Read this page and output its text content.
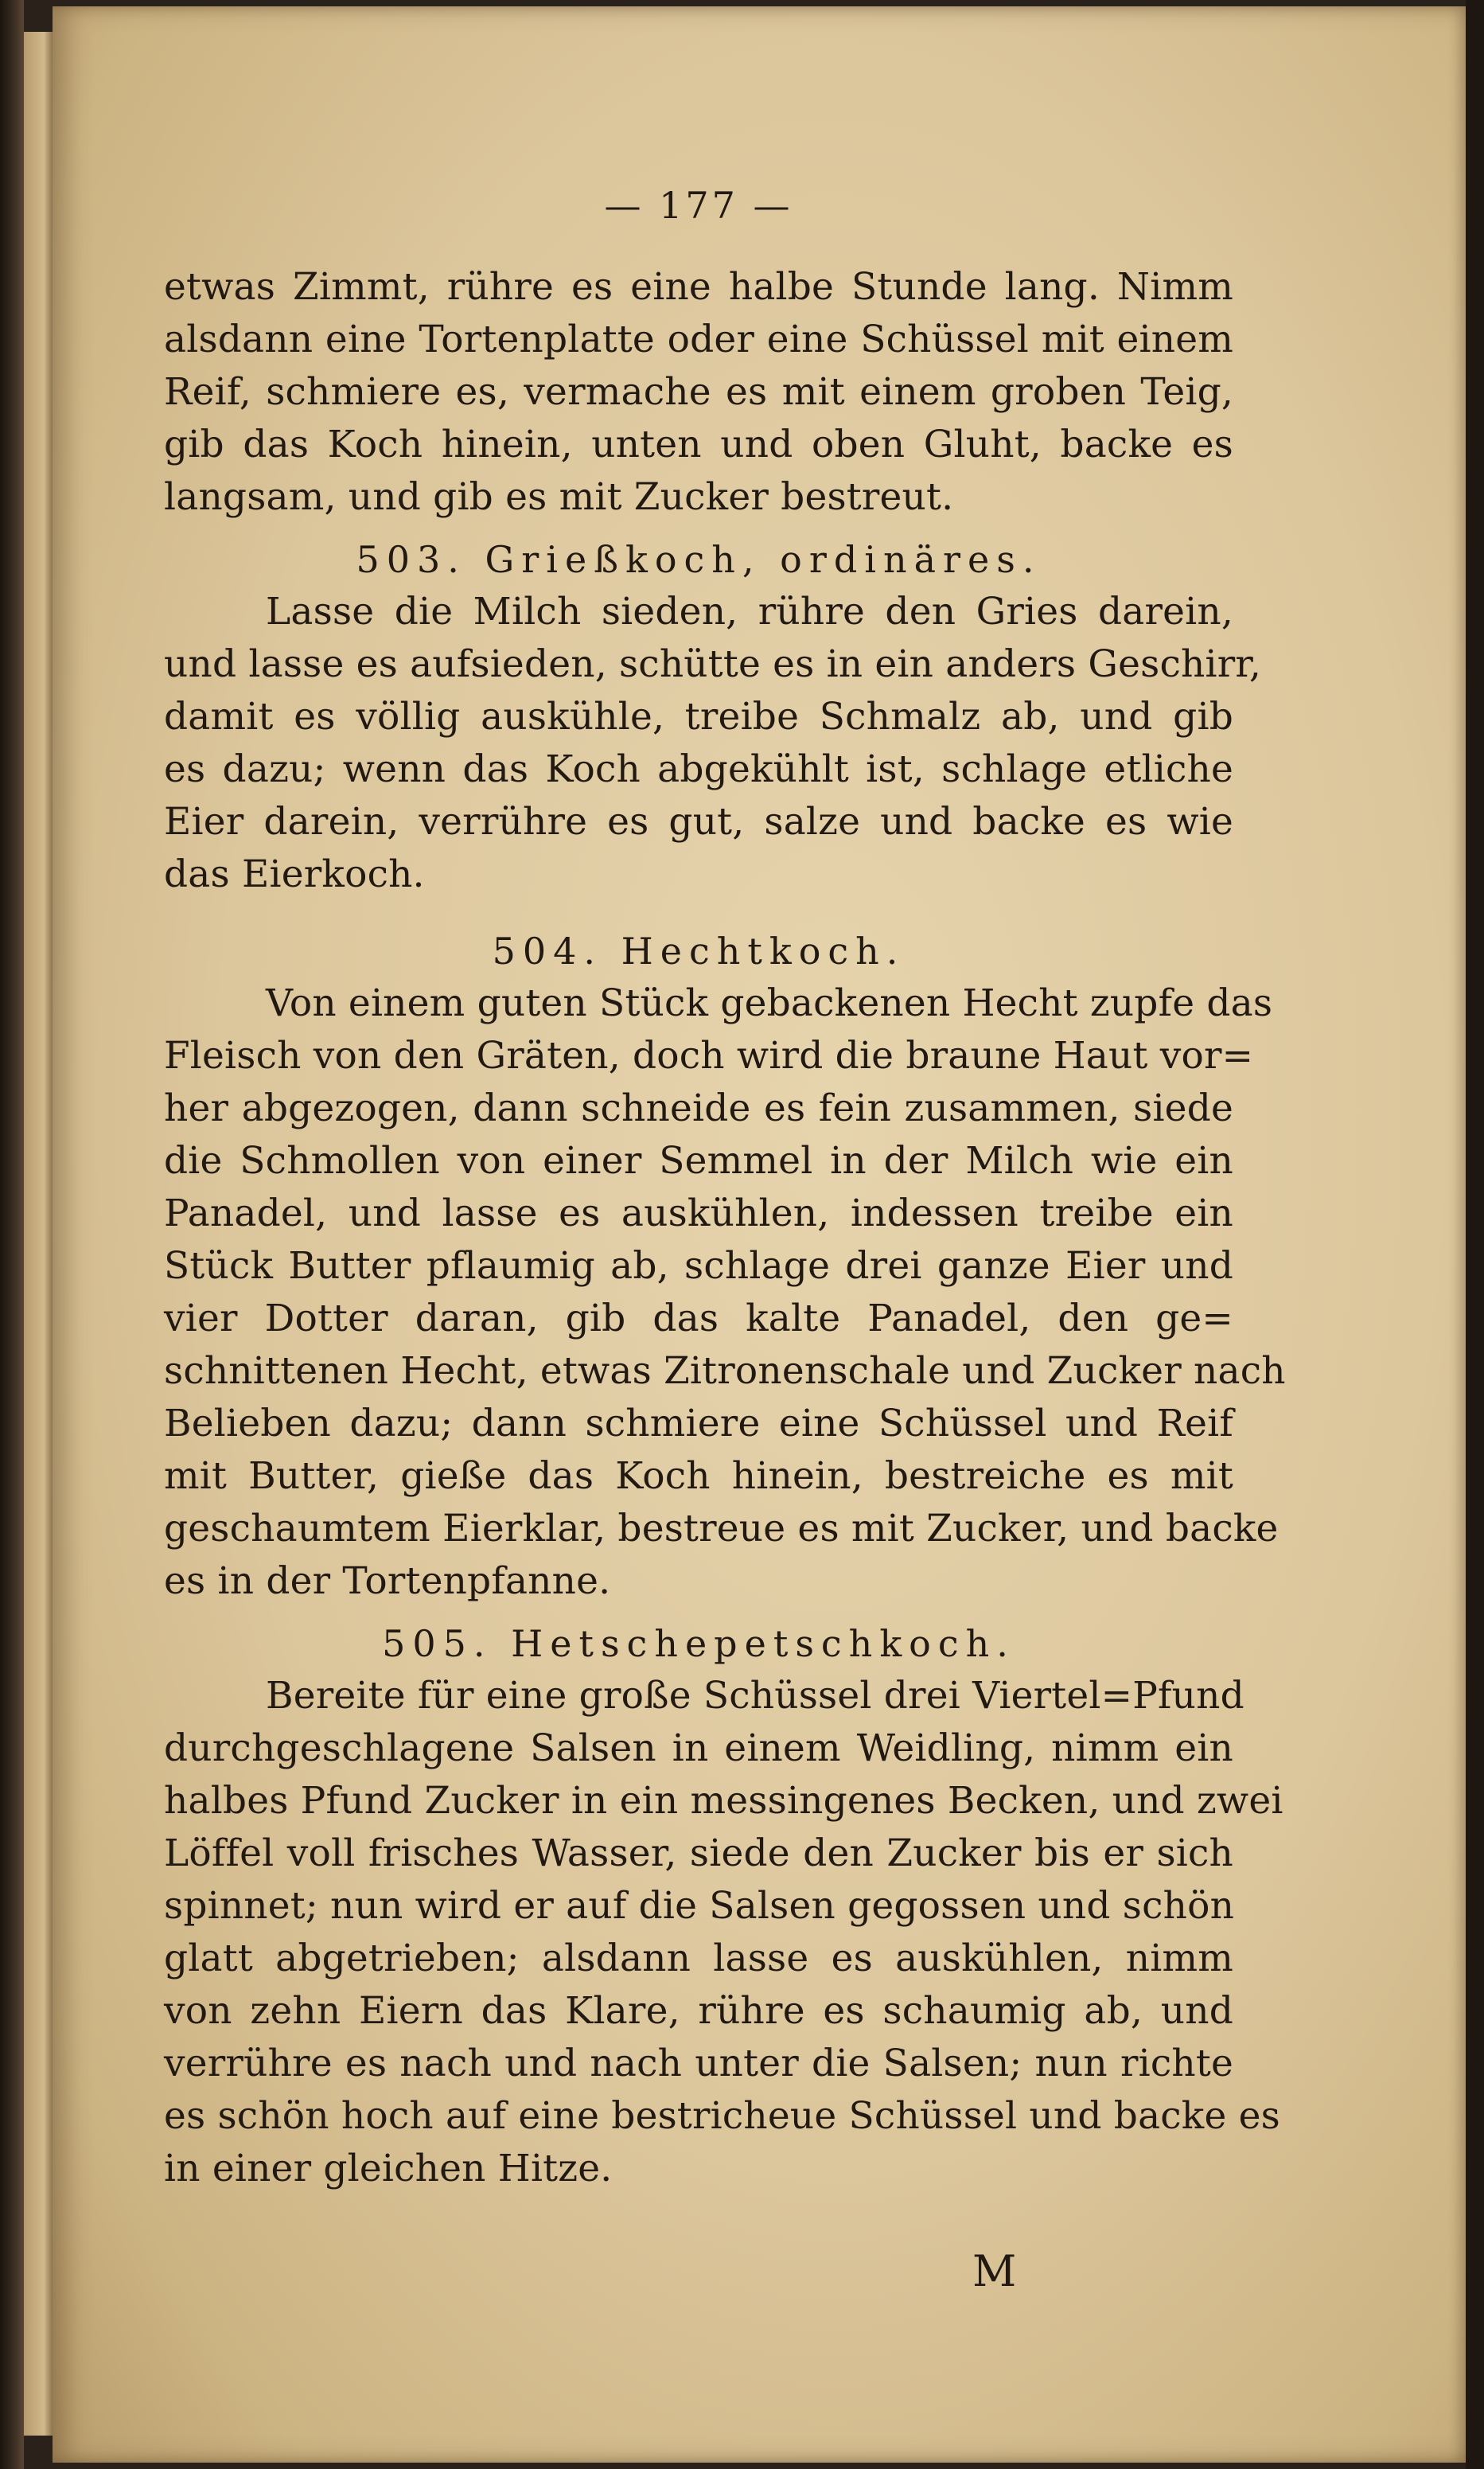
— 177 —
etwas Zimmt, rühre es eine halbe Stunde lang. Nimm
alsdann eine Tortenplatte oder eine Schüssel mit einem
Reif, schmiere es, vermache es mit einem groben Teig,
gib das Koch hinein, unten und oben Gluht, backe es
langsam, und gib es mit Zucker bestreut.
503. Grießkoch, ordinäres.
Lasse die Milch sieden, rühre den Gries darein,
und lasse es aufsieden, schütte es in ein anders Geschirr,
damit es völlig auskühle, treibe Schmalz ab, und gib
es dazu; wenn das Koch abgekühlt ist, schlage etliche
Eier darein, verrühre es gut, salze und backe es wie
das Eierkoch.
504. Hechtkoch.
Von einem guten Stück gebackenen Hecht zupfe das
Fleisch von den Gräten, doch wird die braune Haut vor=
her abgezogen, dann schneide es fein zusammen, siede
die Schmollen von einer Semmel in der Milch wie ein
Panadel, und lasse es auskühlen, indessen treibe ein
Stück Butter pflaumig ab, schlage drei ganze Eier und
vier Dotter daran, gib das kalte Panadel, den ge=
schnittenen Hecht, etwas Zitronenschale und Zucker nach
Belieben dazu; dann schmiere eine Schüssel und Reif
mit Butter, gieße das Koch hinein, bestreiche es mit
geschaumtem Eierklar, bestreue es mit Zucker, und backe
es in der Tortenpfanne.
505. Hetschepetschkoch.
Bereite für eine große Schüssel drei Viertel=Pfund
durchgeschlagene Salsen in einem Weidling, nimm ein
halbes Pfund Zucker in ein messingenes Becken, und zwei
Löffel voll frisches Wasser, siede den Zucker bis er sich
spinnet; nun wird er auf die Salsen gegossen und schön
glatt abgetrieben; alsdann lasse es auskühlen, nimm
von zehn Eiern das Klare, rühre es schaumig ab, und
verrühre es nach und nach unter die Salsen; nun richte
es schön hoch auf eine bestricheue Schüssel und backe es
in einer gleichen Hitze.
M
